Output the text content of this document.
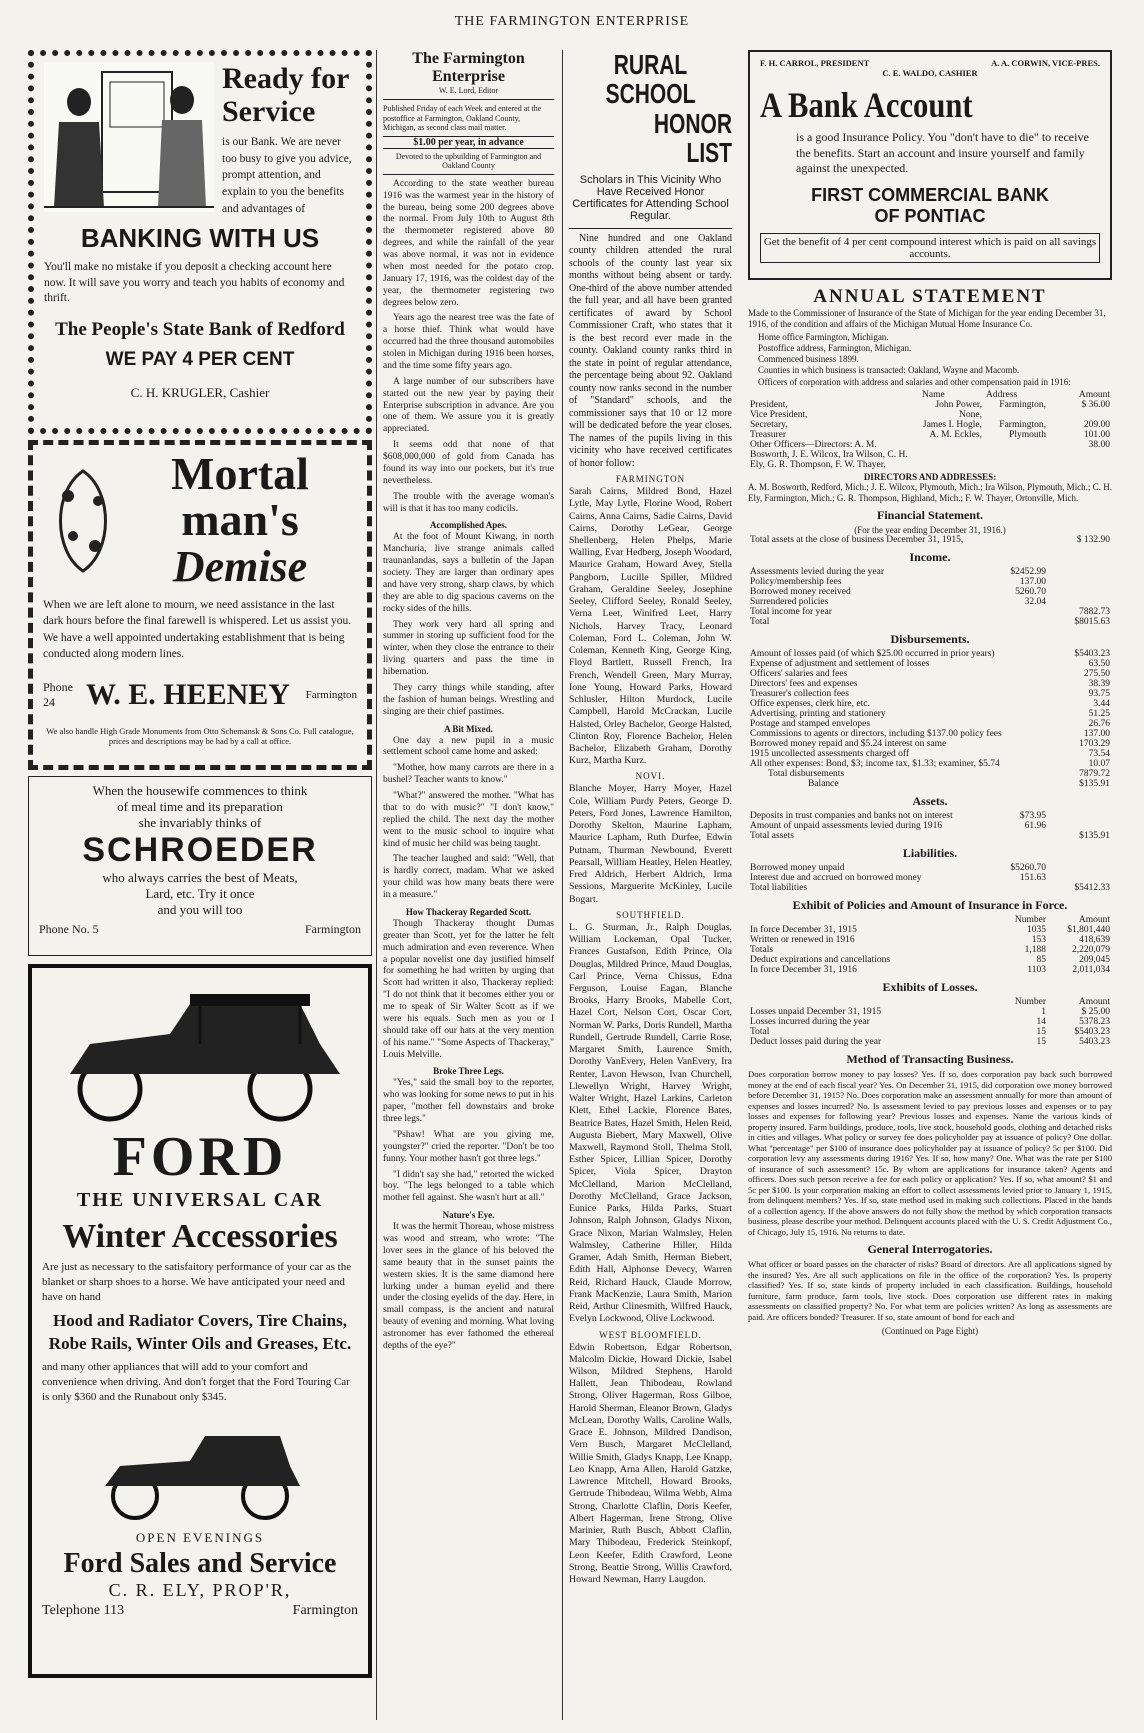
THE FARMINGTON ENTERPRISE
Ready for Service
is our Bank. We are never too busy to give you advice, prompt attention, and explain to you the benefits and advantages of
BANKING WITH US
You'll make no mistake if you deposit a checking account here now. It will save you worry and teach you habits of economy and thrift.
The People's State Bank of Redford
WE PAY 4 PER CENT
C. H. KRUGLER, Cashier
Mortal man's
Demise
When we are left alone to mourn, we need assistance in the last dark hours before the final farewell is whispered. Let us assist you. We have a well appointed undertaking establishment that is being conducted along modern lines.
Phone 24	W. E. HEENEY	Farmington
We also handle High Grade Monuments from Otto Schemansk & Sons Co. Full catalogue, prices and descriptions may be had by a call at office.
When the housewife commences to think
of meal time and its preparation
she invariably thinks of
SCHROEDER
who always carries the best of Meats,
Lard, etc. Try it once
and you will too
Phone No. 5	Farmington
FORD
THE UNIVERSAL CAR
Winter Accessories
Are just as necessary to the satisfaitory performance of your car as the blanket or sharp shoes to a horse. We have anticipated your need and have on hand
Hood and Radiator Covers, Tire Chains, Robe Rails, Winter Oils and Greases, Etc.
and many other appliances that will add to your comfort and convenience when driving. And don't forget that the Ford Touring Car is only $360 and the Runabout only $345.
OPEN EVENINGS
Ford Sales and Service
C. R. ELY, PROP'R,
Telephone 113	Farmington
The Farmington Enterprise
W. E. Lord, Editor
Published Friday of each Week and entered at the postoffice at Farmington, Oakland County, Michigan, as second class mail matter.
$1.00 per year, in advance
Devoted to the upbuilding of Farmington and Oakland County

According to the state weather bureau 1916 was the warmest year in the history of the bureau, being some 200 degrees above the normal. From July 10th to August 8th the thermometer registered above 80 degrees, and while the rainfall of the year was above normal, it was not in evidence when most needed for the potato crop. January 17, 1916, was the coldest day of the year, the thermometer registering two degrees below zero.

Years ago the nearest tree was the fate of a horse thief. Think what would have occurred had the three thousand automobiles stolen in Michigan during 1916 been horses, and the time some fifty years ago.

A large number of our subscribers have started out the new year by paying their Enterprise subscription in advance. Are you one of them. We assure you it is greatly appreciated.

It seems odd that none of that $608,000,000 of gold from Canada has found its way into our pockets, but it's true nevertheless.

The trouble with the average woman's will is that it has too many codicils.

Accomplished Apes.

At the foot of Mount Kiwang, in north Manchuria, live strange animals called traunanlandas, says a bulletin of the Japan society. They are larger than ordinary apes and have very strong, sharp claws, by which they are able to dig spacious caverns on the rocky sides of the hills.

They work very hard all spring and summer in storing up sufficient food for the winter, when they close the entrance to their living quarters and pass the time in hibernation.

They carry things while standing, after the fashion of human beings. Wrestling and singing are their chief pastimes.

A Bit Mixed.

One day a new pupil in a music settlement school came home and asked:

"Mother, how many carrots are there in a bushel? Teacher wants to know."

"What?" answered the mother. "What has that to do with music?" "I don't know," replied the child. The next day the mother went to the music school to inquire what kind of music her child was being taught.

The teacher laughed and said: "Well, that is hardly correct, madam. What we asked your child was how many beats there were in a measure."

How Thackeray Regarded Scott.

Though Thackeray thought Dumas greater than Scott, yet for the latter he felt much admiration and even reverence. When a popular novelist one day justified himself for something he had written by urging that Scott had written it also, Thackeray replied: "I do not think that it becomes either you or me to speak of Sir Walter Scott as if we were his equals. Such men as you or I should take off our hats at the very mention of his name." "Some Aspects of Thackeray," Louis Melville.

Broke Three Legs.

"Yes," said the small boy to the reporter, who was looking for some news to put in his paper, "mother fell downstairs and broke three legs."

"Pshaw! What are you giving me, youngster?" cried the reporter. "Don't be too funny. Your mother hasn't got three legs."

"I didn't say she had," retorted the wicked boy. "The legs belonged to a table which mother fell against. She wasn't hurt at all."

Nature's Eye.

It was the hermit Thoreau, whose mistress was wood and stream, who wrote: "The lover sees in the glance of his beloved the same beauty that in the sunset paints the western skies. It is the same diamond here lurking under a human eyelid and there under the closing eyelids of the day. Here, in small compass, is the ancient and natural beauty of evening and morning. What loving astronomer has ever fathomed the ethereal depths of the eye?"

RURAL SCHOOL
HONOR LIST
Scholars in This Vicinity Who Have Received Honor Certificates for Attending School Regular.

Nine hundred and one Oakland county children attended the rural schools of the county last year six months without being absent or tardy. One-third of the above number attended the full year, and all have been granted certificates of award by School Commissioner Craft, who states that it is the best record ever made in the county. Oakland county ranks third in the state in point of regular attendance, the percentage being about 92. Oakland county now ranks second in the number of "Standard" schools, and the commissioner says that 10 or 12 more will be dedicated before the year closes. The names of the pupils living in this vicinity who have received certificates of honor follow:

FARMINGTON
Sarah Cairns, Mildred Bond, Hazel Lytle, May Lytle, Florine Wood, Robert Cairns, Anna Cairns, Sadie Cairns, David Cairns, Dorothy LeGear, George Shellenberg, Helen Phelps, Marie Walling, Evar Hedberg, Joseph Woodard, Maurice Graham, Howard Avey, Stella Pangborn, Lucille Spiller, Mildred Graham, Geraldine Seeley, Josephine Seeley, Clifford Seeley, Ronald Seeley, Verna Leet, Winifred Leet, Harry Nichols, Harvey Tracy, Leonard Coleman, Ford L. Coleman, John W. Coleman, Kenneth King, George King, Floyd Bartlett, Russell French, Ira French, Wendell Green, Mary Murray, Ione Young, Howard Parks, Howard Schlusler, Hilton Murdock, Lucile Campbell, Harold McCrackan, Lucile Halsted, Orley Bachelor, George Halsted, Clinton Roy, Florence Bachelor, Helen Bachelor, Elizabeth Graham, Dorothy Kurz, Martha Kurz.
NOVI.
Blanche Moyer, Harry Moyer, Hazel Cole, William Purdy Peters, George D. Peters, Ford Jones, Lawrence Hamilton, Dorothy Skelton, Maurine Lapham, Maurice Lapham, Ruth Durfee, Edwin Putnam, Thurman Newbound, Everett Pearsall, William Heatley, Helen Heatley, Fred Aldrich, Herbert Aldrich, Irma Sessions, Marguerite McKinley, Lucile Bogart.
SOUTHFIELD.
L. G. Sturman, Jr., Ralph Douglas, William Lockeman, Opal Tucker, Frances Gustafson, Edith Prince, Ola Douglas, Mildred Prince, Maud Douglas, Carl Prince, Verna Chissus, Edna Ferguson, Louise Eagan, Blanche Brooks, Harry Brooks, Mabelle Cort, Hazel Cort, Nelson Cort, Oscar Cort, Norman W. Parks, Doris Rundell, Martha Rundell, Gertrude Rundell, Carrie Rose, Margaret Smith, Laurence Smith, Dorothy VanEvery, Helen VanEvery, Ira Renter, Lavon Hewson, Ivan Churchell, Llewellyn Wright, Harvey Wright, Walter Wright, Hazel Larkins, Carleton Klett, Ethel Lackie, Florence Bates, Beatrice Bates, Hazel Smith, Helen Reid, Augusta Biebert, Mary Maxwell, Olive Maxwell, Raymond Stoll, Thelma Stoll, Esther Spicer, Lillian Spicer, Dorothy Spicer, Viola Spicer, Drayton McClelland, Marion McClelland, Dorothy McClelland, Grace Jackson, Eunice Parks, Hilda Parks, Stuart Johnson, Ralph Johnson, Gladys Nixon, Grace Nixon, Marian Walmsley, Helen Walmsley, Catherine Hiller, Hilda Gramer, Adah Smith, Herman Biebert, Edith Hall, Alphonse Devecy, Warren Reid, Richard Hauck, Claude Morrow, Frank MacKenzie, Laura Smith, Marion Reid, Arthur Clinesmith, Wilfred Hauck, Evelyn Lockwood, Olive Lockwood.
WEST BLOOMFIELD.
Edwin Robertson, Edgar Robertson, Malcolm Dickie, Howard Dickie, Isabel Wilson, Mildred Stephens, Harold Hallett, Jean Thibodeau, Rowland Strong, Oliver Hagerman, Ross Gilboe, Harold Sherman, Eleanor Brown, Gladys McLean, Dorothy Walls, Caroline Walls, Grace E. Johnson, Mildred Dandison, Vern Busch, Margaret McClelland, Willie Smith, Gladys Knapp, Lee Knapp, Leo Knapp, Arna Allen, Harold Gatzke, Lawrence Mitchell, Howard Brooks, Gertrude Thibodeau, Wilma Webb, Alma Strong, Charlotte Claflin, Doris Keefer, Albert Hagerman, Irene Strong, Olive Marinier, Ruth Busch, Abbott Claflin, Mary Thibodeau, Frederick Steinkopf, Leon Keefer, Edith Crawford, Leone Strong, Beattie Strong, Willis Crawford, Howard Newman, Harry Laugdon.
F. H. CARROL, PRESIDENT	A. A. CORWIN, VICE-PRES.
C. E. WALDO, CASHIER
A Bank Account
is a good Insurance Policy. You "don't have to die" to receive the benefits. Start an account and insure yourself and family against the unexpected.
FIRST COMMERCIAL BANK
OF PONTIAC
Get the benefit of 4 per cent compound interest which is paid on all savings accounts.
ANNUAL STATEMENT
Made to the Commissioner of Insurance of the State of Michigan for the year ending December 31, 1916, of the condition and affairs of the Michigan Mutual Home Insurance Co.
Home office Farmington, Michigan.
Postoffice address, Farmington, Michigan.
Commenced business 1899.
Counties in which business is transacted: Oakland, Wayne and Macomb.
Officers of corporation with address and salaries and other compensation paid in 1916:
	Name	Address	Amount
President,	John Power,	Farmington,	$ 36.00
Vice President,	None,		
Secretary,	James I. Hogle,	Farmington,	209.00
Treasurer	A. M. Eckles,	Plymouth	101.00
Other Officers—Directors: A. M. Bosworth, J. E. Wilcox, Ira Wilson, C. H. Ely, G. R. Thompson, F. W. Thayer,			38.00
DIRECTORS AND ADDRESSES:
A. M. Bosworth, Redford, Mich.; J. E. Wilcox, Plymouth, Mich.; Ira Wilson, Plymouth, Mich.; C. H. Ely, Farmington, Mich.; G. R. Thompson, Highland, Mich.; F. W. Thayer, Ortonville, Mich.
Financial Statement.
(For the year ending December 31, 1916.)
Total assets at the close of business December 31, 1915,	$ 132.90
Income.
Assessments levied during the year	$2452.99	
Policy/membership fees	137.00	
Borrowed money received	5260.70	
Surrendered policies	32.04	
Total income for year		7882.73
Total		$8015.63
Disbursements.
Amount of losses paid (of which $25.00 occurred in prior years)	$5403.23
Expense of adjustment and settlement of losses	63.50
Officers' salaries and fees	275.50
Directors' fees and expenses	38.39
Treasurer's collection fees	93.75
Office expenses, clerk hire, etc.	3.44
Advertising, printing and stationery	51.25
Postage and stamped envelopes	26.76
Commissions to agents or directors, including $137.00 policy fees	137.00
Borrowed money repaid and $5.24 interest on same	1703.29
1915 uncollected assessments charged off	73.54
All other expenses: Bond, $3; income tax, $1.33; examiner, $5.74	10.07
Total disbursements	7879.72
Balance	$135.91
Assets.
Deposits in trust companies and banks not on interest	$73.95	
Amount of unpaid assessments levied during 1916	61.96	
Total assets		$135.91
Liabilities.
Borrowed money unpaid	$5260.70	
Interest due and accrued on borrowed money	151.63	
Total liabilities		$5412.33
Exhibit of Policies and Amount of Insurance in Force.

	Number	Amount
In force December 31, 1915	1035	$1,801,440
Written or renewed in 1916	153	418,639
Totals	1,188	2,220,079
Deduct expirations and cancellations	85	209,045
In force December 31, 1916	1103	2,011,034
Exhibits of Losses.
	Number	Amount
Losses unpaid December 31, 1915	1	$ 25.00
Losses incurred during the year	14	5378.23
Total	15	$5403.23
Deduct losses paid during the year	15	5403.23
Method of Transacting Business.
Does corporation borrow money to pay losses? Yes. If so, does corporation pay back such borrowed money at the end of each fiscal year? Yes. On December 31, 1915, did corporation owe money borrowed before December 31, 1915? No. Does corporation make an assessment annually for more than amount of expenses and losses incurred? No. Is assessment levied to pay previous losses and expenses or to pay losses and expenses for following year? Previous losses and expenses. Name the various kinds of property insured. Farm buildings, produce, tools, live stock, household goods, clothing and detached risks in cities and villages. What policy or survey fee does policyholder pay at issuance of policy? One dollar. What "percentage" per $100 of insurance does policyholder pay at issuance of policy? 5c per $100. Did corporation levy any assessments during 1916? Yes. If so, how many? One. What was the rate per $100 of insurance of such assessment? 15c. By whom are applications for insurance taken? Agents and officers. Does such person receive a fee for each policy or application? Yes. If so, what amount? $1 and 5c per $100. Is your corporation making an effort to collect assessments levied prior to January 1, 1915, from delinquent members? Yes. If so, state method used in making such collections. Placed in the hands of a collection agency. If the above answers do not fully show the method by which corporation transacts business, please describe your method. Delinquent accounts placed with the U. S. Credit Adjustment Co., of Chicago, July 15, 1916. No returns to date.
General Interrogatories.
What officer or board passes on the character of risks? Board of directors. Are all applications signed by the insured? Yes. Are all such applications on file in the office of the corporation? Yes. Is property classified? Yes. If so, state kinds of property included in each classification. Buildings, household furniture, farm produce, farm tools, live stock. Does corporation use different rates in making assessments on classified property? No. For what term are policies written? As long as assessments are paid. Are officers bonded? Treasurer. If so, state amount of bond for each and
(Continued on Page Eight)
